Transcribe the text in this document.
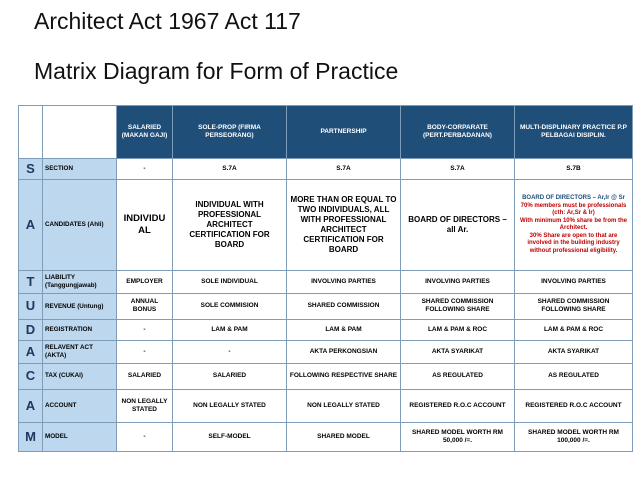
Architect Act 1967 Act 117
Matrix Diagram for Form of Practice
		SALARIED (MAKAN GAJI)	SOLE-PROP (FIRMA PERSEORANG)	PARTNERSHIP	BODY-CORPARATE (PERT.PERBADANAN)	MULTI-DISPLINARY PRACTICE P.P PELBAGAI DISIPLIN.
S	SECTION	-	S.7A	S.7A	S.7A	S.7B
A	CANDIDATES (Ahli)	INDIVIDU AL	INDIVIDUAL WITH PROFESSIONAL ARCHITECT CERTIFICATION FOR BOARD	MORE THAN OR EQUAL TO TWO INDIVIDUALS, ALL WITH PROFESSIONAL ARCHITECT CERTIFICATION FOR BOARD	BOARD OF DIRECTORS – all Ar.	BOARD OF DIRECTORS – Ar,Ir @ Sr
70% members must be professionals (cth: Ar,Sr & Ir)
With minimum 10% share be from the Architect.
30% Share are open to that are involved in the building industry without professional eligibility.

T	LIABILITY (Tanggungjawab)	EMPLOYER	SOLE INDIVIDUAL	INVOLVING PARTIES	INVOLVING PARTIES	INVOLVING PARTIES
U	REVENUE (Untung)	ANNUAL BONUS	SOLE COMMISION	SHARED COMMISSION	SHARED COMMISSION FOLLOWING SHARE	SHARED COMMISSION FOLLOWING SHARE
D	REGISTRATION	-	LAM & PAM	LAM & PAM	LAM & PAM & ROC	LAM & PAM & ROC
A	RELAVENT ACT (AKTA)	-	-	AKTA PERKONGSIAN	AKTA SYARIKAT	AKTA SYARIKAT
C	TAX (CUKAI)	SALARIED	SALARIED	FOLLOWING RESPECTIVE SHARE	AS REGULATED	AS REGULATED
A	ACCOUNT	NON LEGALLY STATED	NON LEGALLY STATED	NON LEGALLY STATED	REGISTERED R.O.C ACCOUNT	REGISTERED R.O.C ACCOUNT
M	MODEL	-	SELF-MODEL	SHARED MODEL	SHARED MODEL WORTH RM 50,000 /=.	SHARED MODEL WORTH RM 100,000 /=.
